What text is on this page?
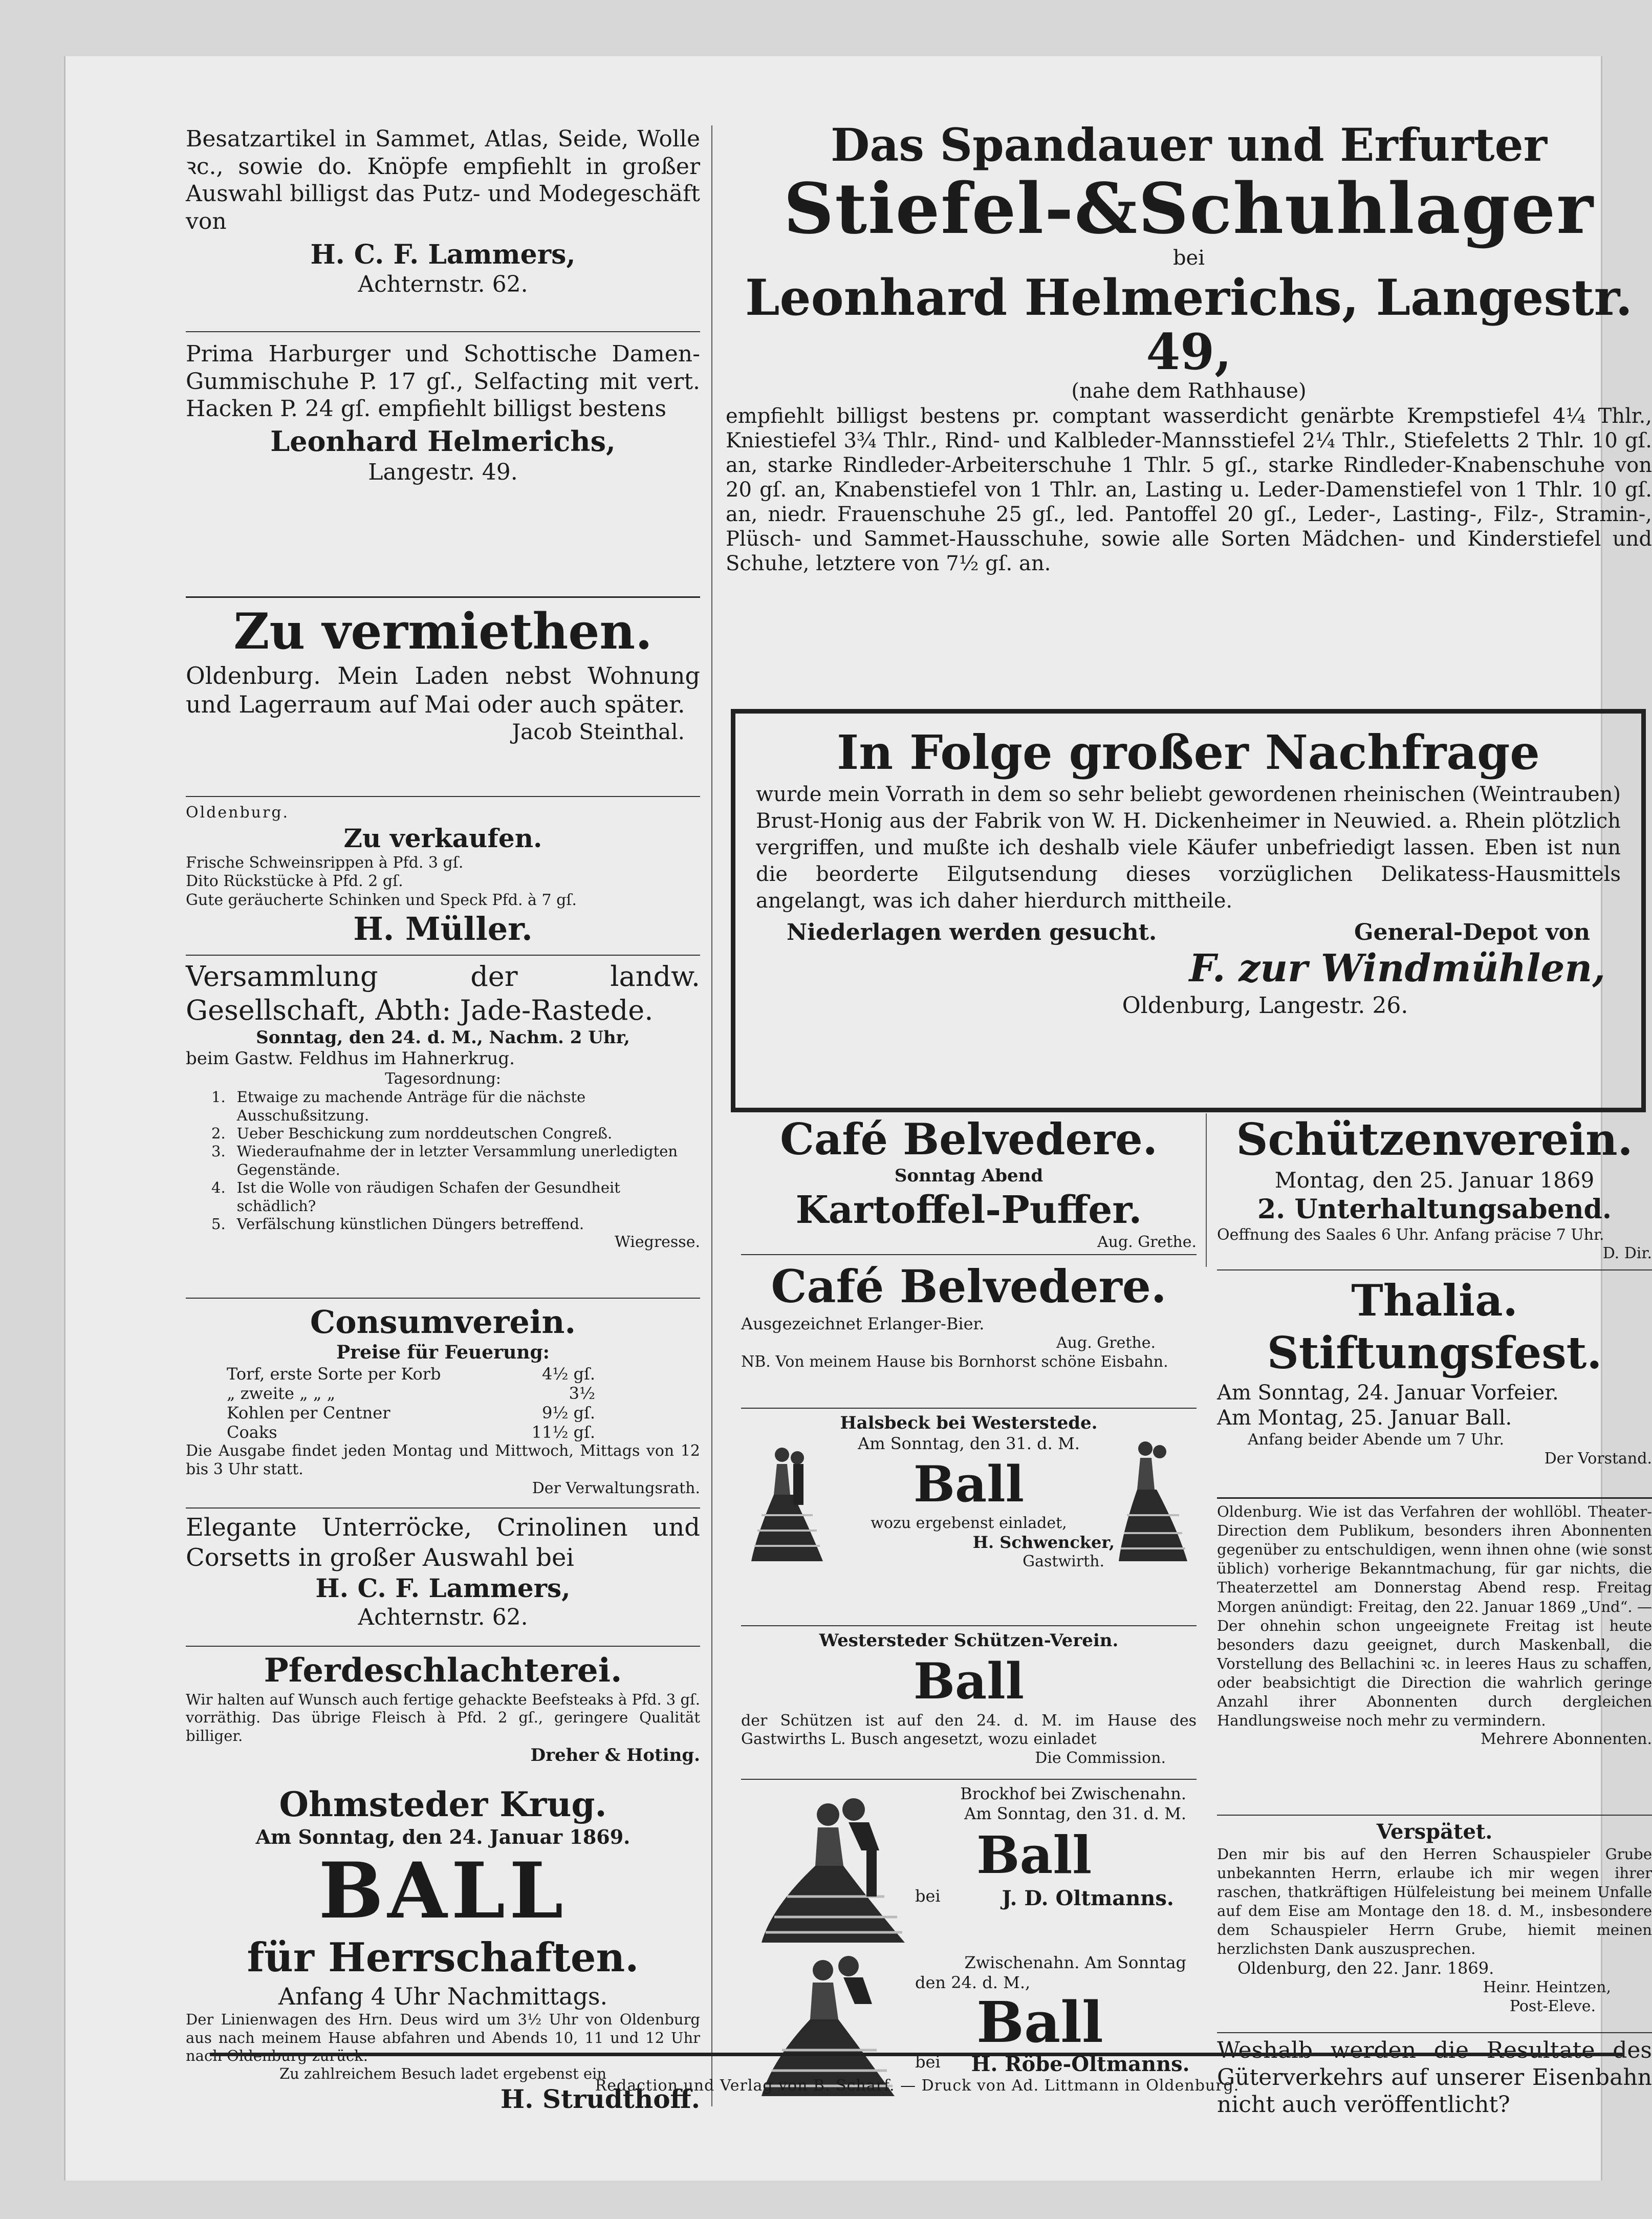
Besatzartikel in Sammet, Atlas, Seide, Wolle ꝛc., sowie do. Knöpfe empfiehlt in großer Auswahl billigst das Putz- und Modegeschäft von

H. C. F. Lammers,

Achternstr. 62.

Prima Harburger und Schottische Damen-Gummischuhe P. 17 gſ., Selfacting mit vert. Hacken P. 24 gſ. empfiehlt billigst bestens

Leonhard Helmerichs,

Langestr. 49.

Zu vermiethen.

Oldenburg. Mein Laden nebst Wohnung und Lagerraum auf Mai oder auch später.

Jacob Steinthal.

Oldenburg.

Zu verkaufen.

Frische Schweinsrippen à Pfd. 3 gſ.

Dito Rückstücke à Pfd. 2 gſ.

Gute geräucherte Schinken und Speck Pfd. à 7 gſ.

H. Müller.

Versammlung der landw. Gesellschaft, Abth: Jade-Rastede.

Sonntag, den 24. d. M., Nachm. 2 Uhr,

beim Gastw. Feldhus im Hahnerkrug.

Tagesordnung:

1. Etwaige zu machende Anträge für die nächste Ausschußsitzung.
2. Ueber Beschickung zum norddeutschen Congreß.
3. Wiederaufnahme der in letzter Versammlung unerledigten Gegenstände.
4. Ist die Wolle von räudigen Schafen der Gesundheit schädlich?
5. Verfälschung künstlichen Düngers betreffend.

Wiegresse.

Consumverein.

Preise für Feuerung:

Torf, erste Sorte per Korb	4½ gſ.
„ zweite „ „ „	3½
Kohlen per Centner	9½ gſ.
Coaks	11½ gſ.

Die Ausgabe findet jeden Montag und Mittwoch, Mittags von 12 bis 3 Uhr statt.

Der Verwaltungsrath.

Elegante Unterröcke, Crinolinen und Corsetts in großer Auswahl bei

H. C. F. Lammers,

Achternstr. 62.

Pferdeschlachterei.

Wir halten auf Wunsch auch fertige gehackte Beefsteaks à Pfd. 3 gſ. vorräthig. Das übrige Fleisch à Pfd. 2 gſ., geringere Qualität billiger.

Dreher & Hoting.

Ohmsteder Krug.

Am Sonntag, den 24. Januar 1869.

BALL

für Herrschaften.

Anfang 4 Uhr Nachmittags.

Der Linienwagen des Hrn. Deus wird um 3½ Uhr von Oldenburg aus nach meinem Hause abfahren und Abends 10, 11 und 12 Uhr nach Oldenburg zurück.

Zu zahlreichem Besuch ladet ergebenst ein

H. Strudthoff.

Das Spandauer und Erfurter

Stiefel-&Schuhlager

bei

Leonhard Helmerichs, Langestr. 49,

(nahe dem Rathhause)

empfiehlt billigst bestens pr. comptant wasserdicht genärbte Krempstiefel 4¼ Thlr., Kniestiefel 3¾ Thlr., Rind- und Kalbleder-Mannsstiefel 2¼ Thlr., Stiefeletts 2 Thlr. 10 gſ. an, starke Rindleder-Arbeiterschuhe 1 Thlr. 5 gſ., starke Rindleder-Knabenschuhe von 20 gſ. an, Knabenstiefel von 1 Thlr. an, Lasting u. Leder-Damenstiefel von 1 Thlr. 10 gſ. an, niedr. Frauenschuhe 25 gſ., led. Pantoffel 20 gſ., Leder-, Lasting-, Filz-, Stramin-, Plüsch- und Sammet-Hausschuhe, sowie alle Sorten Mädchen- und Kinderstiefel und Schuhe, letztere von 7½ gſ. an.

In Folge großer Nachfrage

wurde mein Vorrath in dem so sehr beliebt gewordenen rheinischen (Weintrauben) Brust-Honig aus der Fabrik von W. H. Dickenheimer in Neuwied. a. Rhein plötzlich vergriffen, und mußte ich deshalb viele Käufer unbefriedigt lassen. Eben ist nun die beorderte Eilgutsendung dieses vorzüglichen Delikatess-Hausmittels angelangt, was ich daher hierdurch mittheile.

Niederlagen werden gesucht.	General-Depot von

F. zur Windmühlen,

Oldenburg, Langestr. 26.

Café Belvedere.

Sonntag Abend

Kartoffel-Puffer.

Aug. Grethe.

Café Belvedere.

Ausgezeichnet Erlanger-Bier.

Aug. Grethe.

NB. Von meinem Hause bis Bornhorst schöne Eisbahn.

Halsbeck bei Westerstede.

Am Sonntag, den 31. d. M.

Ball

wozu ergebenst einladet,

H. Schwencker,

Gastwirth.

Westersteder Schützen-Verein.

Ball

der Schützen ist auf den 24. d. M. im Hause des Gastwirths L. Busch angesetzt, wozu einladet

Die Commission.

Brockhof bei Zwischenahn.

Am Sonntag, den 31. d. M.

Ball

bei	J. D. Oltmanns.

Zwischenahn. Am Sonntag

den 24. d. M.,

Ball

bei H. Röbe-Oltmanns.

Schützenverein.

Montag, den 25. Januar 1869

2. Unterhaltungsabend.

Oeffnung des Saales 6 Uhr. Anfang präcise 7 Uhr.

D. Dir.

Thalia.

Stiftungsfest.

Am Sonntag, 24. Januar Vorfeier.

Am Montag, 25. Januar Ball.

Anfang beider Abende um 7 Uhr.

Der Vorstand.

Oldenburg. Wie ist das Verfahren der wohllöbl. Theater-Direction dem Publikum, besonders ihren Abonnenten gegenüber zu entschuldigen, wenn ihnen ohne (wie sonst üblich) vorherige Bekanntmachung, für gar nichts, die Theaterzettel am Donnerstag Abend resp. Freitag Morgen anündigt: Freitag, den 22. Januar 1869 „Und“. — Der ohnehin schon ungeeignete Freitag ist heute besonders dazu geeignet, durch Maskenball, die Vorstellung des Bellachini ꝛc. in leeres Haus zu schaffen, oder beabsichtigt die Direction die wahrlich geringe Anzahl ihrer Abonnenten durch dergleichen Handlungsweise noch mehr zu vermindern.

Mehrere Abonnenten.

Verspätet.

Den mir bis auf den Herren Schauspieler Grube unbekannten Herrn, erlaube ich mir wegen ihrer raschen, thatkräftigen Hülfeleistung bei meinem Unfalle auf dem Eise am Montage den 18. d. M., insbesondere dem Schauspieler Herrn Grube, hiemit meinen herzlichsten Dank auszusprechen.

Oldenburg, den 22. Janr. 1869.

Heinr. Heintzen,

Post-Eleve.

Weshalb werden die Resultate des Güterverkehrs auf unserer Eisenbahn nicht auch veröffentlicht?

Redaction und Verlag von B. Scharf. — Druck von Ad. Littmann in Oldenburg.
